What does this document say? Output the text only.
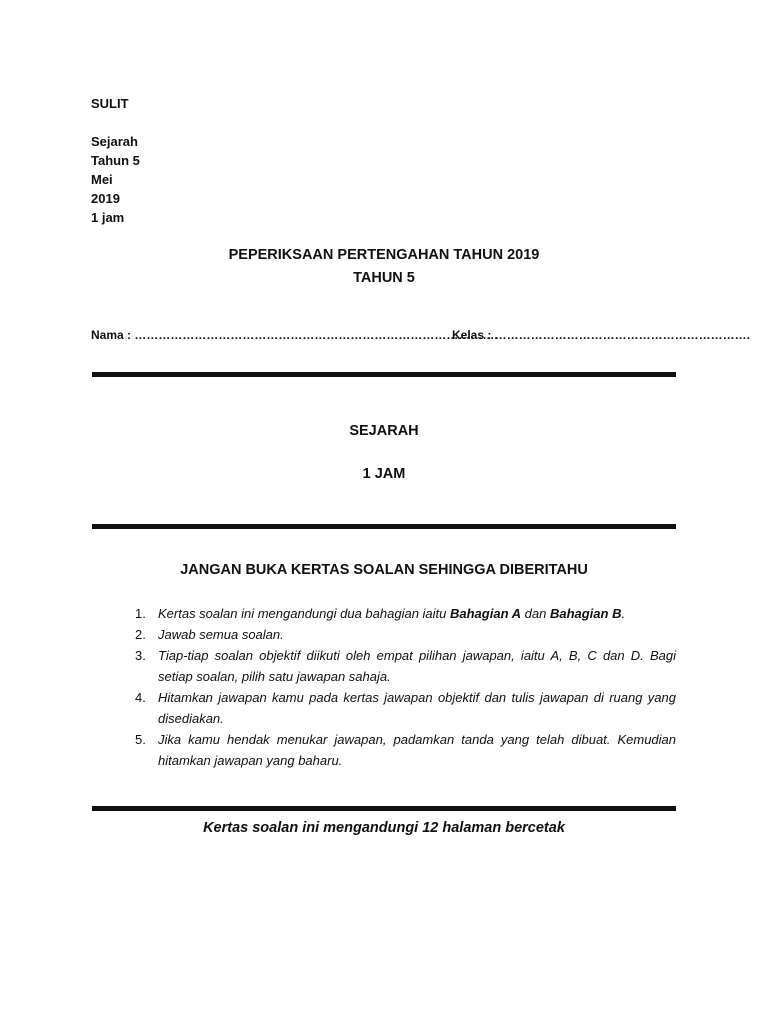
SULIT
Sejarah
Tahun 5
Mei
2019
1 jam
PEPERIKSAAN PERTENGAHAN TAHUN 2019
TAHUN 5
Nama : ……………………………………………………………………………….
Kelas : ……………………………………………………….
SEJARAH
1 JAM
JANGAN BUKA KERTAS SOALAN SEHINGGA DIBERITAHU
1. Kertas soalan ini mengandungi dua bahagian iaitu Bahagian A dan Bahagian B.
2. Jawab semua soalan.
3. Tiap-tiap soalan objektif diikuti oleh empat pilihan jawapan, iaitu A, B, C dan D. Bagi setiap soalan, pilih satu jawapan sahaja.
4. Hitamkan jawapan kamu pada kertas jawapan objektif dan tulis jawapan di ruang yang disediakan.
5. Jika kamu hendak menukar jawapan, padamkan tanda yang telah dibuat. Kemudian hitamkan jawapan yang baharu.
Kertas soalan ini mengandungi 12 halaman bercetak
